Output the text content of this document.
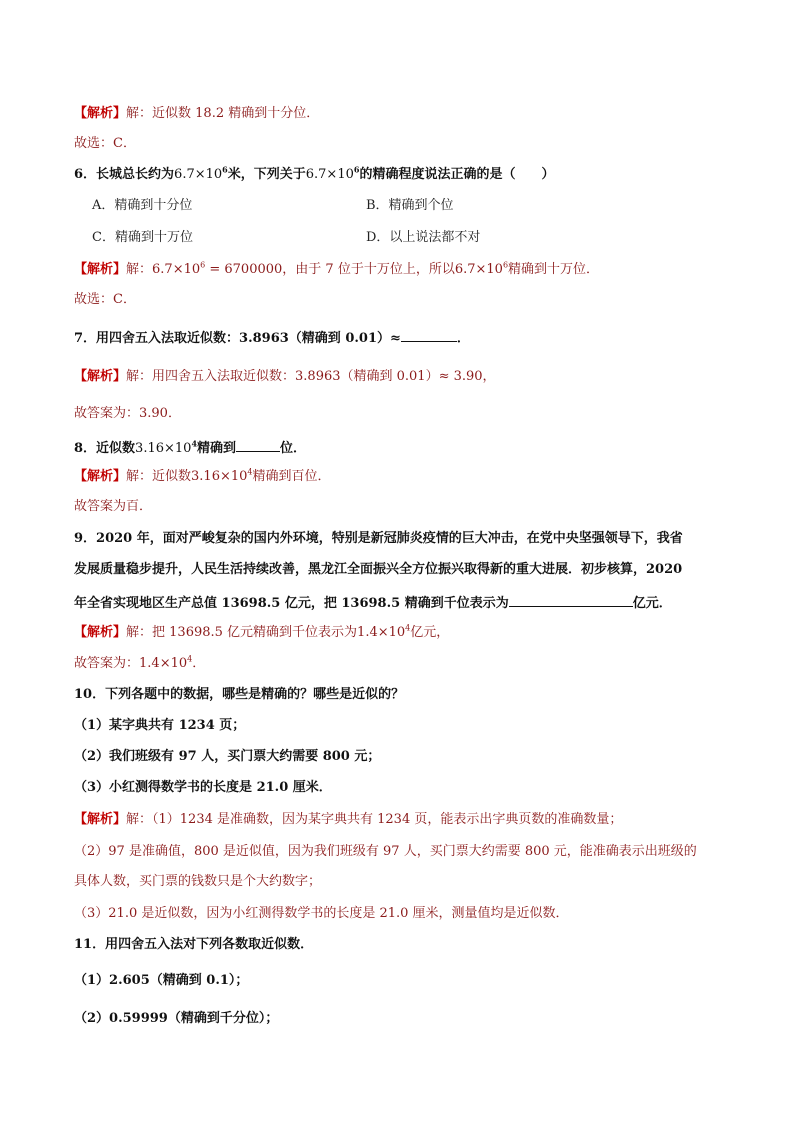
【解析】解：近似数 18.2 精确到十分位．
故选：C．
6．长城总长约为$6.7\times 10^6$米，下列关于$6.7\times 10^6$的精确程度说法正确的是（　　）
A．精确到十分位	B．精确到个位
C．精确到十万位	D．以上说法都不对
【解析】解：$6.7\times 10^6 = 6700000$，由于 7 位于十万位上，所以$6.7\times 10^6$精确到十万位．
故选：C．
7．用四舍五入法取近似数：3.8963（精确到 0.01）≈	．
【解析】解：用四舍五入法取近似数：3.8963（精确到 0.01）≈ 3.90，
故答案为：3.90．
8．近似数$3.16\times 10^4$精确到	位．
【解析】解：近似数$3.16\times 10^4$精确到百位．
故答案为百．
9．2020 年，面对严峻复杂的国内外环境，特别是新冠肺炎疫情的巨大冲击，在党中央坚强领导下，我省
发展质量稳步提升，人民生活持续改善，黑龙江全面振兴全方位振兴取得新的重大进展．初步核算，2020
年全省实现地区生产总值 13698.5 亿元，把 13698.5 精确到千位表示为	亿元．
【解析】解：把 13698.5 亿元精确到千位表示为$1.4\times 10^4$亿元，
故答案为：$1.4\times 10^4$．
10．下列各题中的数据，哪些是精确的？哪些是近似的？
（1）某字典共有 1234 页；
（2）我们班级有 97 人，买门票大约需要 800 元；
（3）小红测得数学书的长度是 21.0 厘米．
【解析】解：（1）1234 是准确数，因为某字典共有 1234 页，能表示出字典页数的准确数量；
（2）97 是准确值，800 是近似值，因为我们班级有 97 人，买门票大约需要 800 元，能准确表示出班级的
具体人数，买门票的钱数只是个大约数字；
（3）21.0 是近似数，因为小红测得数学书的长度是 21.0 厘米，测量值均是近似数．
11．用四舍五入法对下列各数取近似数．
（1）2.605（精确到 0.1）；
（2）0.59999（精确到千分位）；
